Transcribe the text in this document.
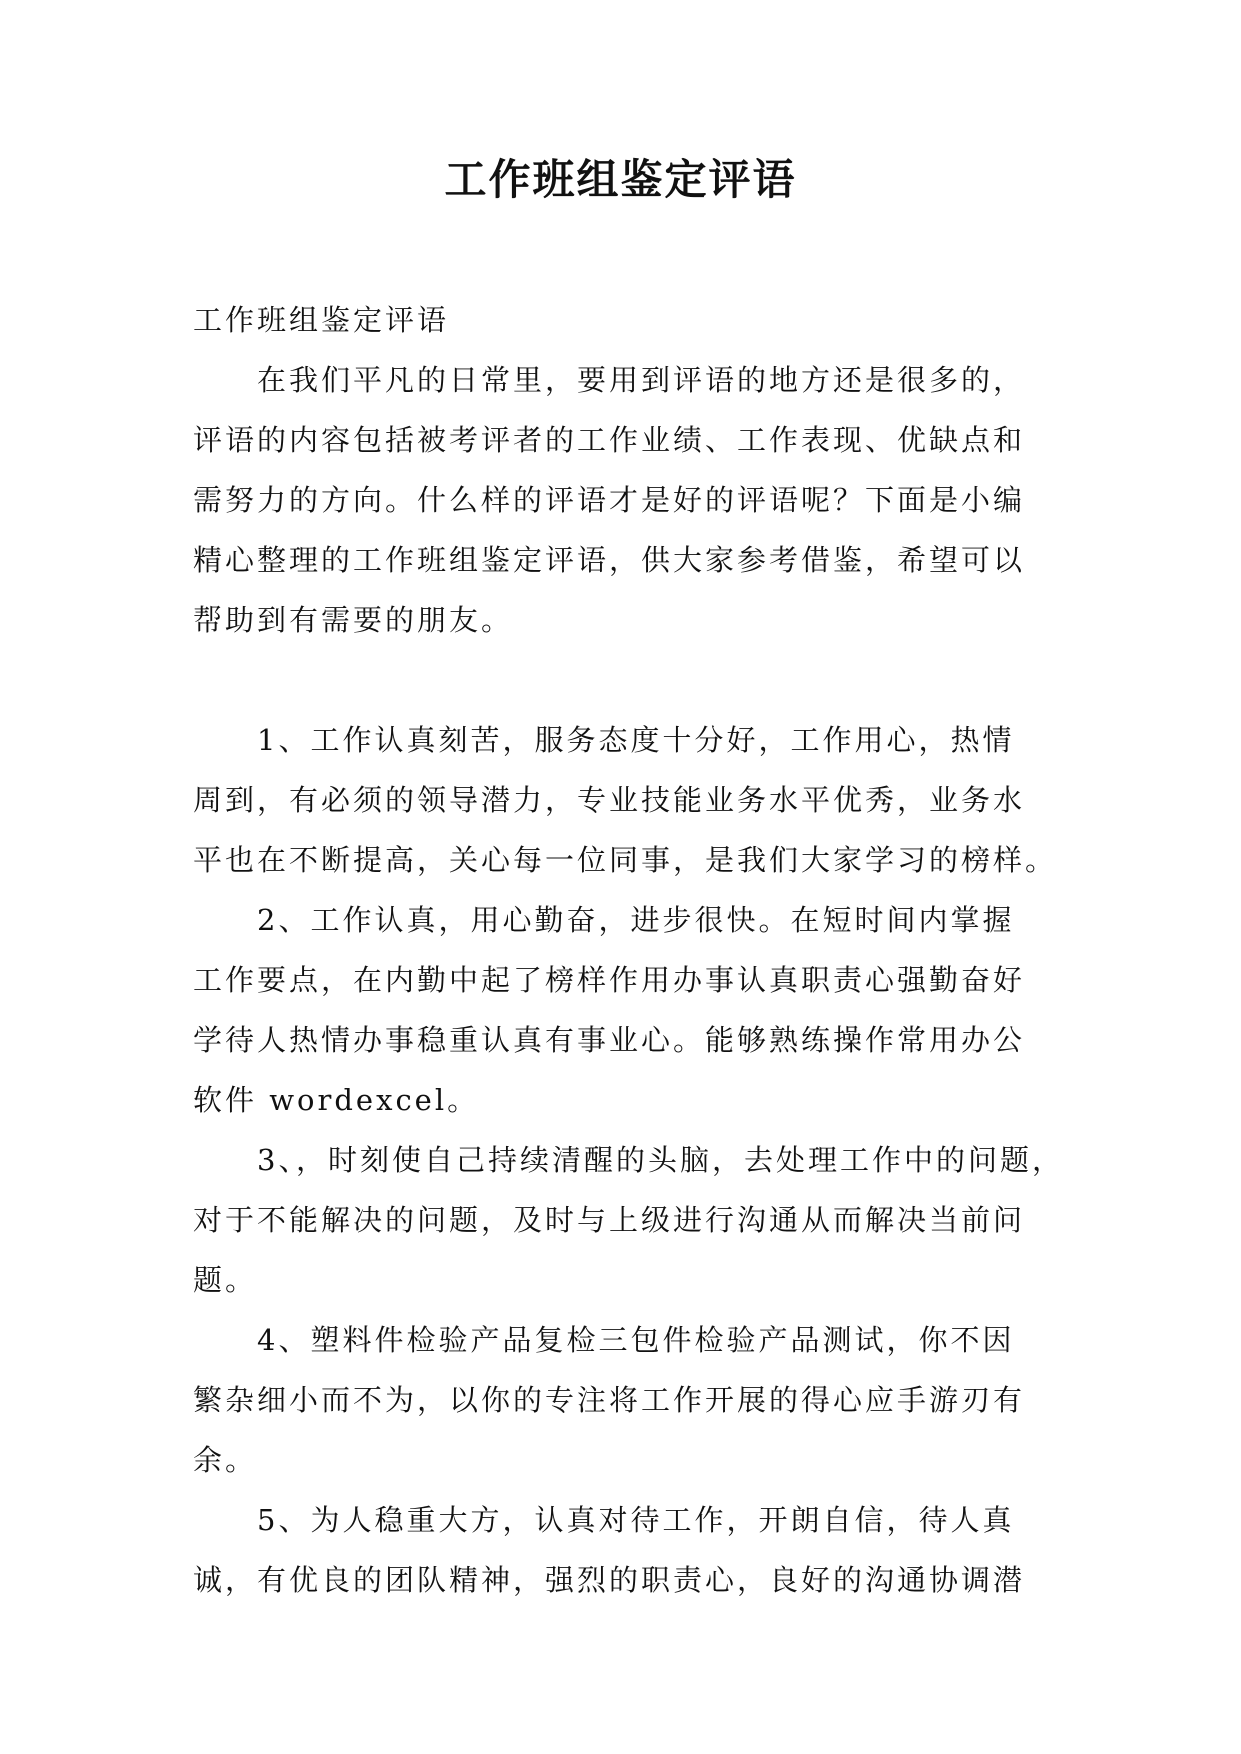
工作班组鉴定评语

工作班组鉴定评语

在我们平凡的日常里，要用到评语的地方还是很多的，

评语的内容包括被考评者的工作业绩、工作表现、优缺点和

需努力的方向。什么样的评语才是好的评语呢？下面是小编

精心整理的工作班组鉴定评语，供大家参考借鉴，希望可以

帮助到有需要的朋友。

1、工作认真刻苦，服务态度十分好，工作用心，热情

周到，有必须的领导潜力，专业技能业务水平优秀，业务水

平也在不断提高，关心每一位同事，是我们大家学习的榜样。

2、工作认真，用心勤奋，进步很快。在短时间内掌握

工作要点，在内勤中起了榜样作用办事认真职责心强勤奋好

学待人热情办事稳重认真有事业心。能够熟练操作常用办公

软件 wordexcel。

3、，时刻使自己持续清醒的头脑，去处理工作中的问题，

对于不能解决的问题，及时与上级进行沟通从而解决当前问

题。

4、塑料件检验产品复检三包件检验产品测试，你不因

繁杂细小而不为，以你的专注将工作开展的得心应手游刃有

余。

5、为人稳重大方，认真对待工作，开朗自信，待人真

诚，有优良的团队精神，强烈的职责心，良好的沟通协调潜
